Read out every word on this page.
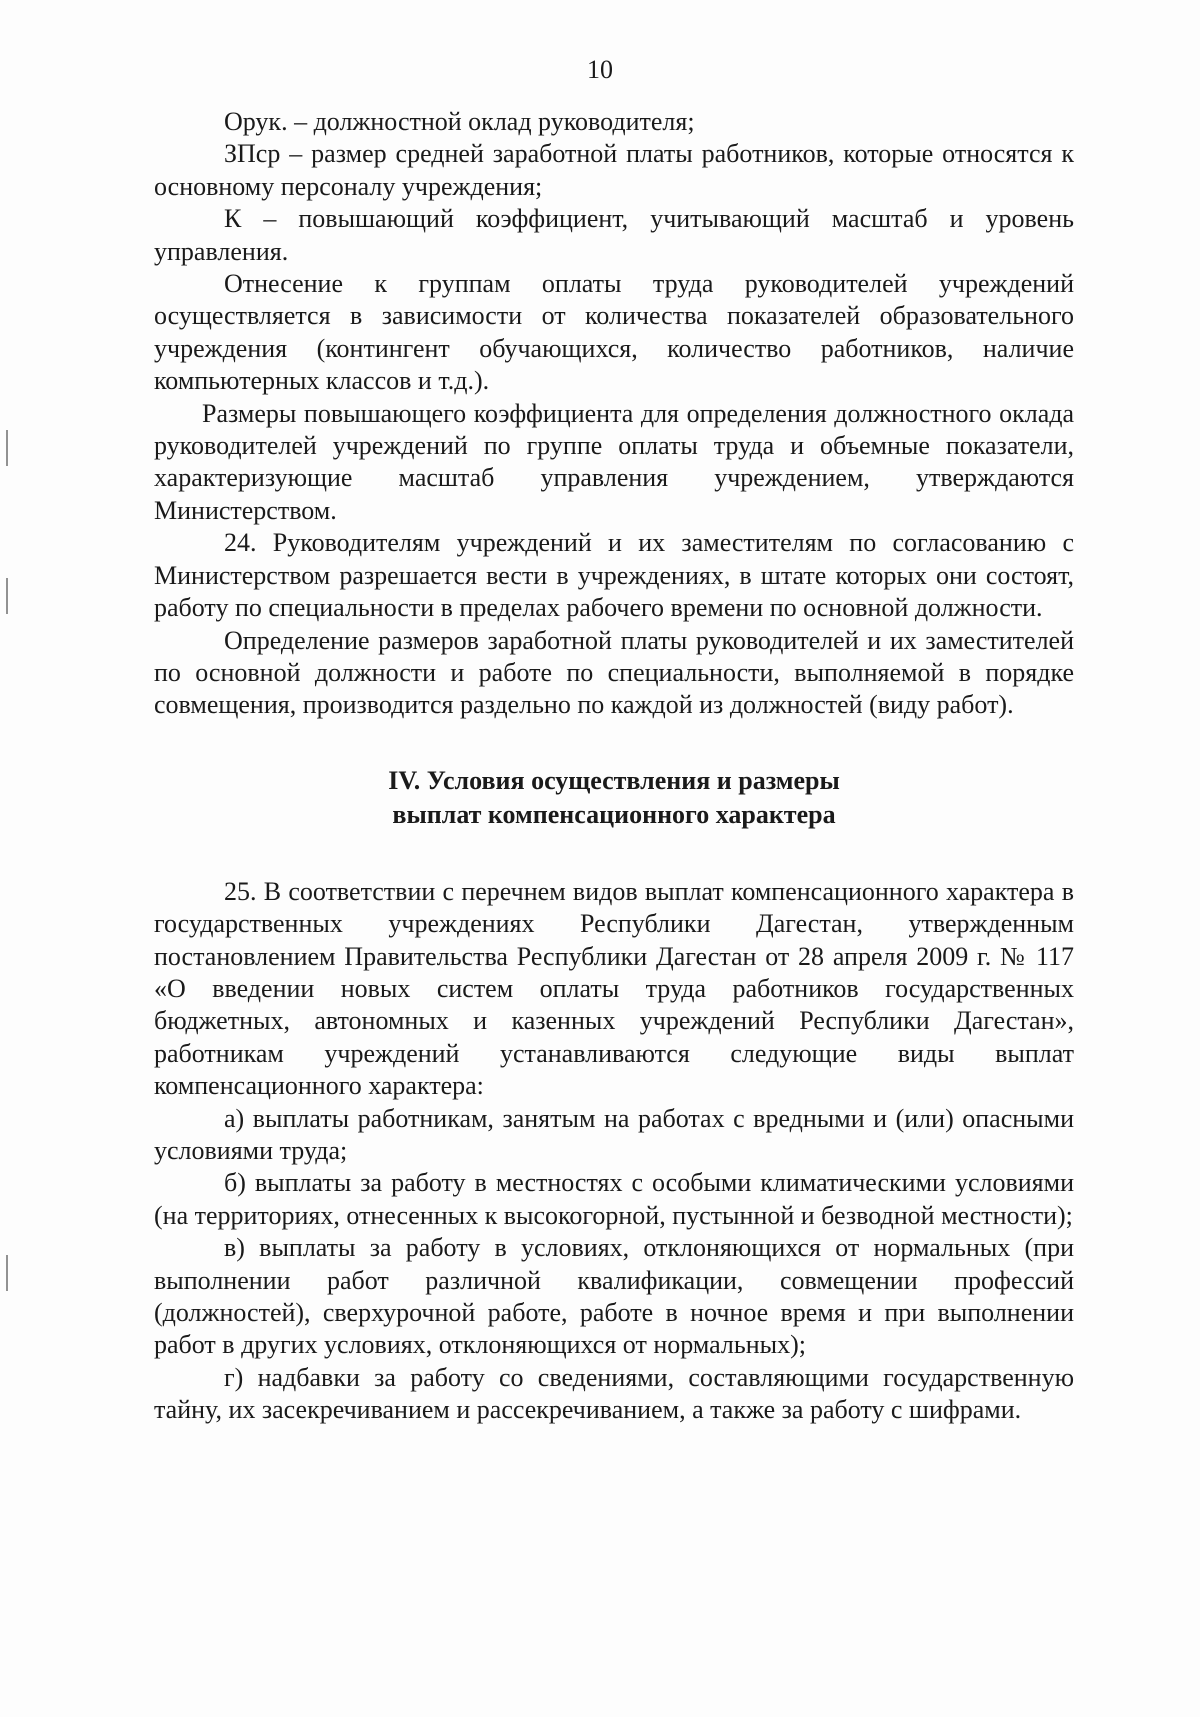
10

Орук. – должностной оклад руководителя;

ЗПср – размер средней заработной платы работников, которые относятся к основному персоналу учреждения;

К – повышающий коэффициент, учитывающий масштаб и уровень управления.

Отнесение к группам оплаты труда руководителей учреждений осуществляется в зависимости от количества показателей образовательного учреждения (контингент обучающихся, количество работников, наличие компьютерных классов и т.д.).

Размеры повышающего коэффициента для определения должностного оклада руководителей учреждений по группе оплаты труда и объемные показатели, характеризующие масштаб управления учреждением, утверждаются Министерством.

24. Руководителям учреждений и их заместителям по согласованию с Министерством разрешается вести в учреждениях, в штате которых они состоят, работу по специальности в пределах рабочего времени по основной должности.

Определение размеров заработной платы руководителей и их заместителей по основной должности и работе по специальности, выполняемой в порядке совмещения, производится раздельно по каждой из должностей (виду работ).

IV. Условия осуществления и размеры
выплат компенсационного характера

25. В соответствии с перечнем видов выплат компенсационного характера в государственных учреждениях Республики Дагестан, утвержденным постановлением Правительства Республики Дагестан от 28 апреля 2009 г. № 117 «О введении новых систем оплаты труда работников государственных бюджетных, автономных и казенных учреждений Республики Дагестан», работникам учреждений устанавливаются следующие виды выплат компенсационного характера:

а) выплаты работникам, занятым на работах с вредными и (или) опасными условиями труда;

б) выплаты за работу в местностях с особыми климатическими условиями (на территориях, отнесенных к высокогорной, пустынной и безводной местности);

в) выплаты за работу в условиях, отклоняющихся от нормальных (при выполнении работ различной квалификации, совмещении профессий (должностей), сверхурочной работе, работе в ночное время и при выполнении работ в других условиях, отклоняющихся от нормальных);

г) надбавки за работу со сведениями, составляющими государственную тайну, их засекречиванием и рассекречиванием, а также за работу с шифрами.
